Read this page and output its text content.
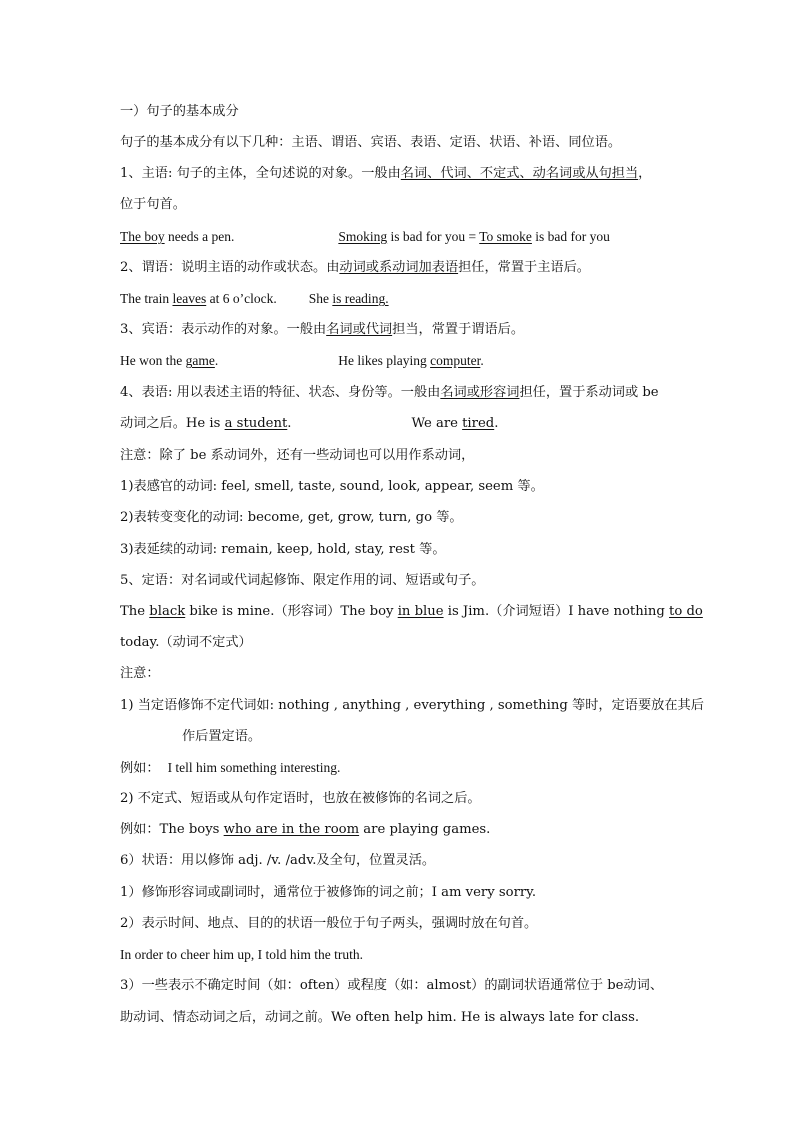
一）句子的基本成分
句子的基本成分有以下几种：主语、谓语、宾语、表语、定语、状语、补语、同位语。
1、主语: 句子的主体，全句述说的对象。一般由名词、代词、不定式、动名词或从句担当，
位于句首。
The boy needs a pen.	Smoking is bad for you = To smoke is bad for you
2、谓语：说明主语的动作或状态。由动词或系动词加表语担任，常置于主语后。
The train leaves at 6 o’clock. She is reading.
3、宾语：表示动作的对象。一般由名词或代词担当，常置于谓语后。
He won the game.	He likes playing computer.
4、表语: 用以表述主语的特征、状态、身份等。一般由名词或形容词担任，置于系动词或 be
动词之后。He is a student.	We are tired.
注意：除了 be 系动词外，还有一些动词也可以用作系动词，
1)表感官的动词: feel, smell, taste, sound, look, appear, seem 等。
2)表转变变化的动词: become, get, grow, turn, go 等。
3)表延续的动词: remain, keep, hold, stay, rest 等。
5、定语：对名词或代词起修饰、限定作用的词、短语或句子。
The black bike is mine.（形容词）The boy in blue is Jim.（介词短语）I have nothing to do
today.（动词不定式）
注意：
1) 当定语修饰不定代词如: nothing , anything , everything , something 等时，定语要放在其后
作后置定语。
例如： I tell him something interesting.
2) 不定式、短语或从句作定语时，也放在被修饰的名词之后。
例如：The boys who are in the room are playing games.
6）状语：用以修饰 adj. /v. /adv.及全句，位置灵活。
1）修饰形容词或副词时，通常位于被修饰的词之前；I am very sorry.
2）表示时间、地点、目的的状语一般位于句子两头，强调时放在句首。
In order to cheer him up, I told him the truth.
3）一些表示不确定时间（如：often）或程度（如：almost）的副词状语通常位于 be动词、
助动词、情态动词之后，动词之前。We often help him. He is always late for class.
